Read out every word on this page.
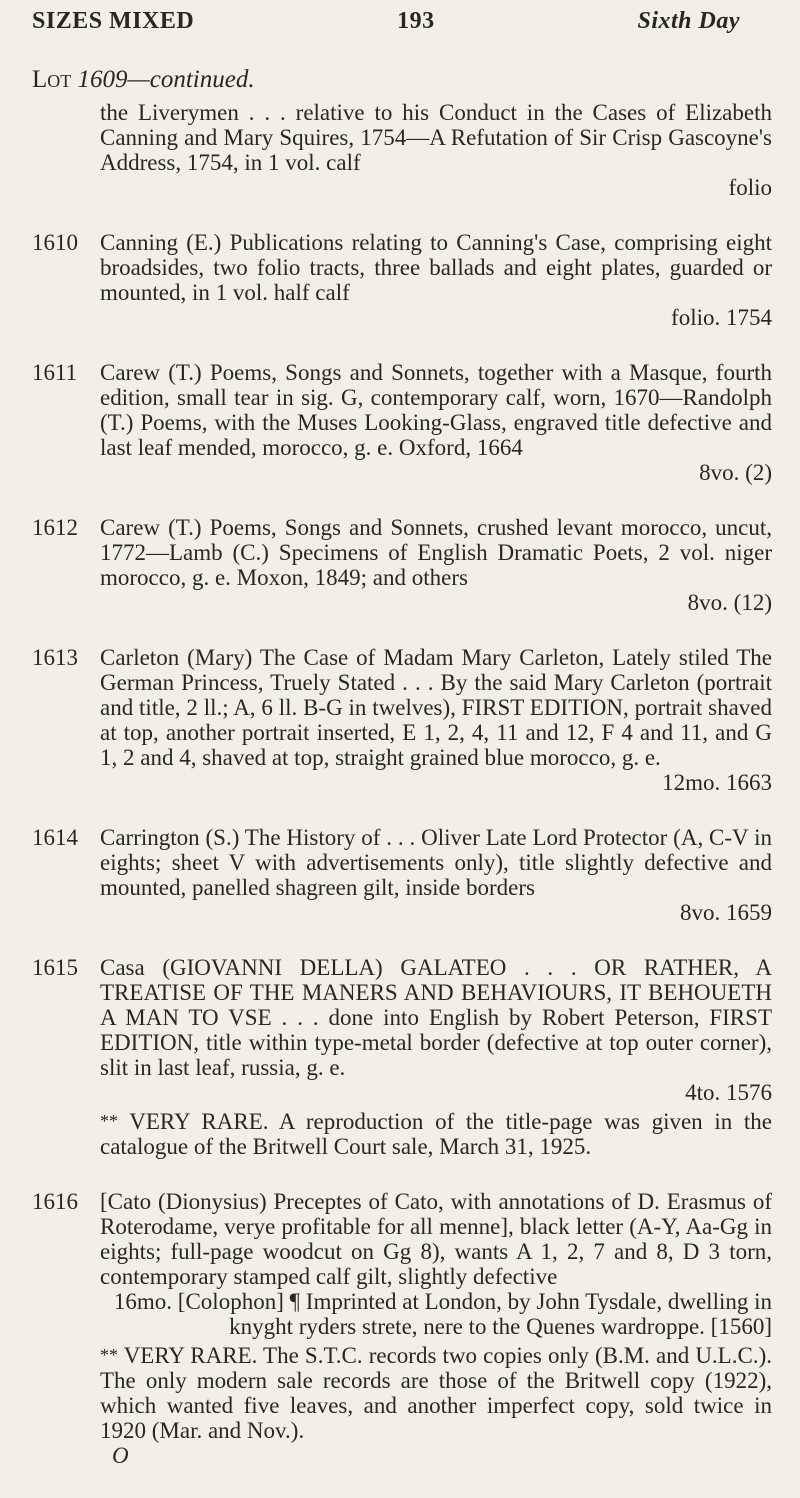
SIZES MIXED	193	Sixth Day
Lot 1609—continued.
the Liverymen . . . relative to his Conduct in the Cases of Elizabeth Canning and Mary Squires, 1754—A Refutation of Sir Crisp Gascoyne's Address, 1754, in 1 vol. calf
folio
1610 Canning (E.) Publications relating to Canning's Case, comprising eight broadsides, two folio tracts, three ballads and eight plates, guarded or mounted, in 1 vol. half calf
folio. 1754
1611 Carew (T.) Poems, Songs and Sonnets, together with a Masque, fourth edition, small tear in sig. G, contemporary calf, worn, 1670—Randolph (T.) Poems, with the Muses Looking-Glass, engraved title defective and last leaf mended, morocco, g. e. Oxford, 1664
8vo. (2)
1612 Carew (T.) Poems, Songs and Sonnets, crushed levant morocco, uncut, 1772—Lamb (C.) Specimens of English Dramatic Poets, 2 vol. niger morocco, g. e. Moxon, 1849; and others
8vo. (12)
1613 Carleton (Mary) The Case of Madam Mary Carleton, Lately stiled The German Princess, Truely Stated . . . By the said Mary Carleton (portrait and title, 2 ll.; A, 6 ll. B-G in twelves), FIRST EDITION, portrait shaved at top, another portrait inserted, E 1, 2, 4, 11 and 12, F 4 and 11, and G 1, 2 and 4, shaved at top, straight grained blue morocco, g. e.
12mo. 1663
1614 Carrington (S.) The History of . . . Oliver Late Lord Protector (A, C-V in eights; sheet V with advertisements only), title slightly defective and mounted, panelled shagreen gilt, inside borders
8vo. 1659
1615 Casa (GIOVANNI DELLA) GALATEO . . . OR RATHER, A TREATISE OF THE MANERS AND BEHAVIOURS, IT BEHOUETH A MAN TO VSE . . . done into English by Robert Peterson, FIRST EDITION, title within type-metal border (defective at top outer corner), slit in last leaf, russia, g. e.
4to. 1576
** VERY RARE. A reproduction of the title-page was given in the catalogue of the Britwell Court sale, March 31, 1925.
1616 [Cato (Dionysius) Preceptes of Cato, with annotations of D. Erasmus of Roterodame, verye profitable for all menne], black letter (A-Y, Aa-Gg in eights; full-page woodcut on Gg 8), wants A 1, 2, 7 and 8, D 3 torn, contemporary stamped calf gilt, slightly defective
16mo. [Colophon] ¶ Imprinted at London, by John Tysdale, dwelling in knyght ryders strete, nere to the Quenes wardroppe. [1560]
** VERY RARE. The S.T.C. records two copies only (B.M. and U.L.C.). The only modern sale records are those of the Britwell copy (1922), which wanted five leaves, and another imperfect copy, sold twice in 1920 (Mar. and Nov.).
O
